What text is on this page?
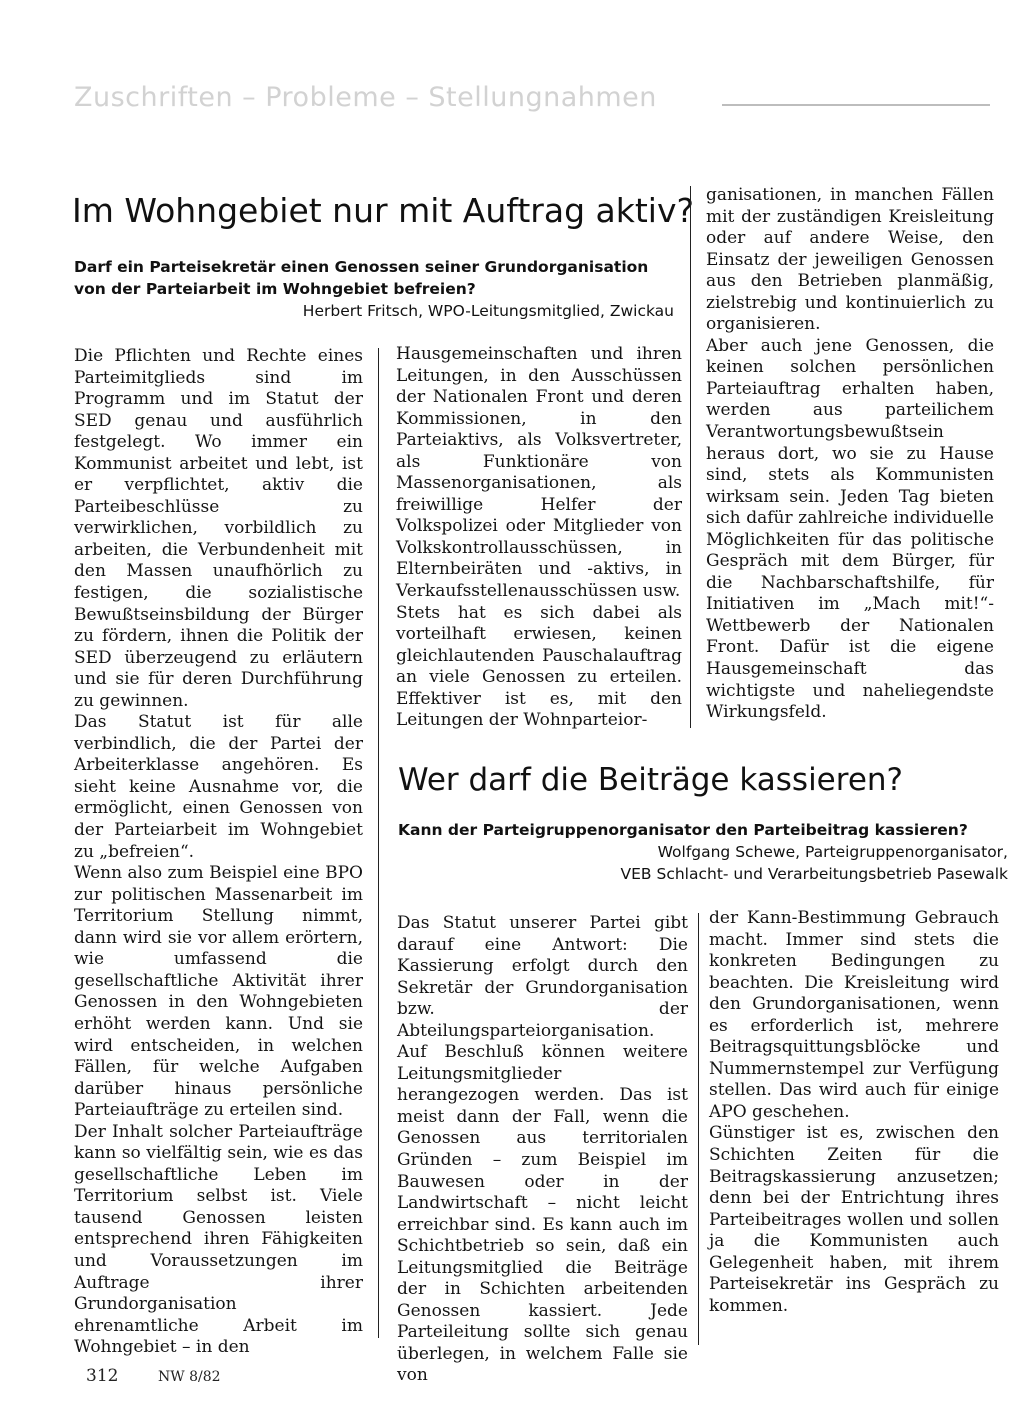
Zuschriften – Probleme – Stellungnahmen
Im Wohngebiet nur mit Auftrag aktiv?
Darf ein Parteisekretär einen Genossen seiner Grundorganisation von der Parteiarbeit im Wohngebiet befreien?
Herbert Fritsch, WPO-Leitungsmitglied, Zwickau

Die Pflichten und Rechte eines Parteimitglieds sind im Programm und im Statut der SED genau und ausführlich festgelegt. Wo immer ein Kommunist arbeitet und lebt, ist er verpflichtet, aktiv die Parteibeschlüsse zu verwirklichen, vorbildlich zu arbeiten, die Verbundenheit mit den Massen unaufhörlich zu festigen, die sozialistische Bewußtseinsbildung der Bürger zu fördern, ihnen die Politik der SED überzeugend zu erläutern und sie für deren Durchführung zu gewinnen.

Das Statut ist für alle verbindlich, die der Partei der Arbeiterklasse angehören. Es sieht keine Ausnahme vor, die ermöglicht, einen Genossen von der Parteiarbeit im Wohngebiet zu „befreien“.

Wenn also zum Beispiel eine BPO zur politischen Massenarbeit im Territorium Stellung nimmt, dann wird sie vor allem erörtern, wie umfassend die gesellschaftliche Aktivität ihrer Genossen in den Wohngebieten erhöht werden kann. Und sie wird entscheiden, in welchen Fällen, für welche Aufgaben darüber hinaus persönliche Parteiaufträge zu erteilen sind.

Der Inhalt solcher Parteiaufträge kann so vielfältig sein, wie es das gesellschaftliche Leben im Territorium selbst ist. Viele tausend Genossen leisten entsprechend ihren Fähigkeiten und Voraussetzungen im Auftrage ihrer Grundorganisation ehrenamtliche Arbeit im Wohngebiet – in den

Hausgemeinschaften und ihren Leitungen, in den Ausschüssen der Nationalen Front und deren Kommissionen, in den Parteiaktivs, als Volksvertreter, als Funktionäre von Massenorganisationen, als freiwillige Helfer der Volkspolizei oder Mitglieder von Volkskontrollausschüssen, in Elternbeiräten und -aktivs, in Verkaufsstellenausschüssen usw.

Stets hat es sich dabei als vorteilhaft erwiesen, keinen gleichlautenden Pauschalauftrag an viele Genossen zu erteilen. Effektiver ist es, mit den Leitungen der Wohnparteior-

ganisationen, in manchen Fällen mit der zuständigen Kreisleitung oder auf andere Weise, den Einsatz der jeweiligen Genossen aus den Betrieben planmäßig, zielstrebig und kontinuierlich zu organisieren.

Aber auch jene Genossen, die keinen solchen persönlichen Parteiauftrag erhalten haben, werden aus parteilichem Verantwortungsbewußtsein heraus dort, wo sie zu Hause sind, stets als Kommunisten wirksam sein. Jeden Tag bieten sich dafür zahlreiche individuelle Möglichkeiten für das politische Gespräch mit dem Bürger, für die Nachbarschaftshilfe, für Initiativen im „Mach mit!“-Wettbewerb der Nationalen Front. Dafür ist die eigene Hausgemeinschaft das wichtigste und naheliegendste Wirkungsfeld.

Wer darf die Beiträge kassieren?
Kann der Parteigruppenorganisator den Parteibeitrag kassieren?
Wolfgang Schewe, Parteigruppenorganisator,
VEB Schlacht- und Verarbeitungsbetrieb Pasewalk

Das Statut unserer Partei gibt darauf eine Antwort: Die Kassierung erfolgt durch den Sekretär der Grundorganisation bzw. der Abteilungsparteiorganisation. Auf Beschluß können weitere Leitungsmitglieder herangezogen werden. Das ist meist dann der Fall, wenn die Genossen aus territorialen Gründen – zum Beispiel im Bauwesen oder in der Landwirtschaft – nicht leicht erreichbar sind. Es kann auch im Schichtbetrieb so sein, daß ein Leitungsmitglied die Beiträge der in Schichten arbeitenden Genossen kassiert. Jede Parteileitung sollte sich genau überlegen, in welchem Falle sie von

der Kann-Bestimmung Gebrauch macht. Immer sind stets die konkreten Bedingungen zu beachten. Die Kreisleitung wird den Grundorganisationen, wenn es erforderlich ist, mehrere Beitragsquittungsblöcke und Nummernstempel zur Verfügung stellen. Das wird auch für einige APO geschehen.

Günstiger ist es, zwischen den Schichten Zeiten für die Beitragskassierung anzusetzen; denn bei der Entrichtung ihres Parteibeitrages wollen und sollen ja die Kommunisten auch Gelegenheit haben, mit ihrem Parteisekretär ins Gespräch zu kommen.

312	NW 8/82
